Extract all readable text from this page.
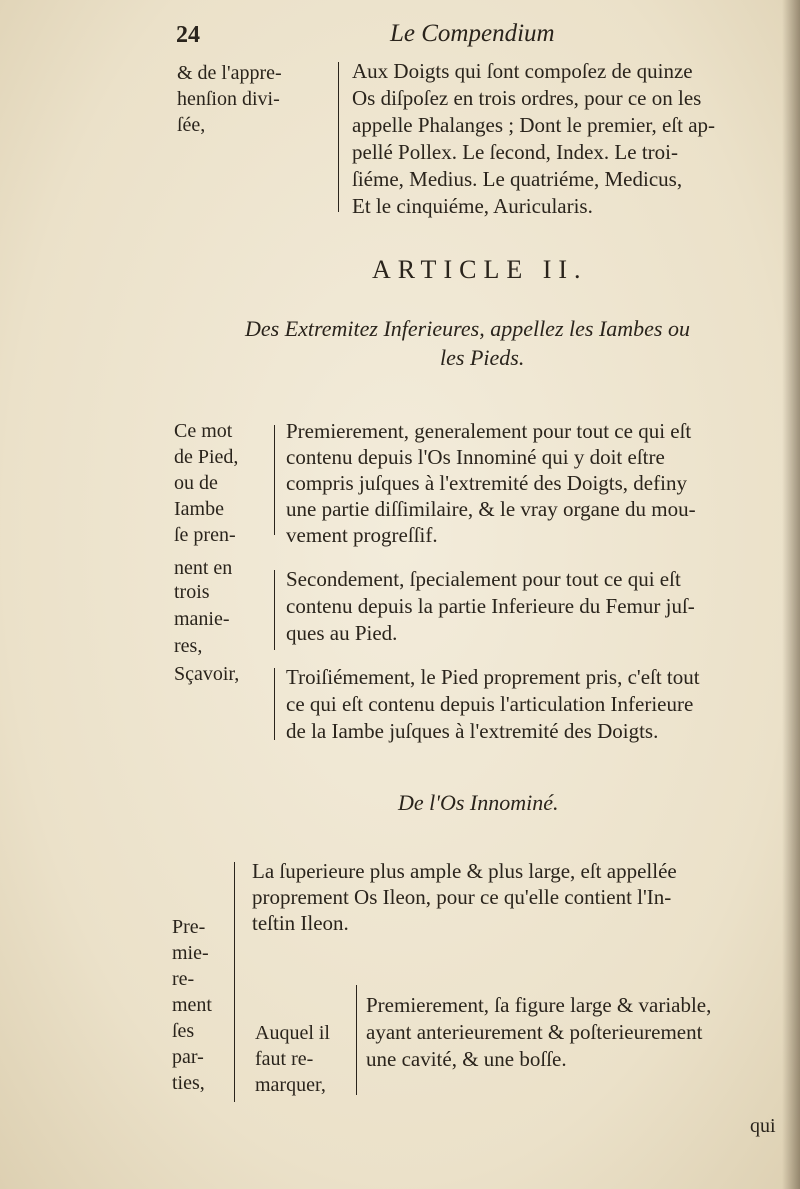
24	Le Compendium
& de l'appre-
henſion divi-
ſée,
Aux Doigts qui ſont compoſez de quinze
Os diſpoſez en trois ordres, pour ce on les
appelle Phalanges ; Dont le premier, eſt ap-
pellé Pollex. Le ſecond, Index. Le troi-
ſiéme, Medius. Le quatriéme, Medicus,
Et le cinquiéme, Auricularis.
ARTICLE II.
Des Extremitez Inferieures, appellez les Iambes ou
les Pieds.
Ce mot
de Pied,
ou de
Iambe
ſe pren-
nent en
trois
manie-
res,
Sçavoir,
Premierement, generalement pour tout ce qui eſt
contenu depuis l'Os Innominé qui y doit eſtre
compris juſques à l'extremité des Doigts, definy
une partie diſſimilaire, & le vray organe du mou-
vement progreſſif.
Secondement, ſpecialement pour tout ce qui eſt
contenu depuis la partie Inferieure du Femur juſ-
ques au Pied.
Troiſiémement, le Pied proprement pris, c'eſt tout
ce qui eſt contenu depuis l'articulation Inferieure
de la Iambe juſques à l'extremité des Doigts.
De l'Os Innominé.
Pre-
mie-
re-
ment
ſes
par-
ties,
La ſuperieure plus ample & plus large, eſt appellée
proprement Os Ileon, pour ce qu'elle contient l'In-
teſtin Ileon.
Auquel il
faut re-
marquer,
Premierement, ſa figure large & variable,
ayant anterieurement & poſterieurement
une cavité, & une boſſe.
qui
